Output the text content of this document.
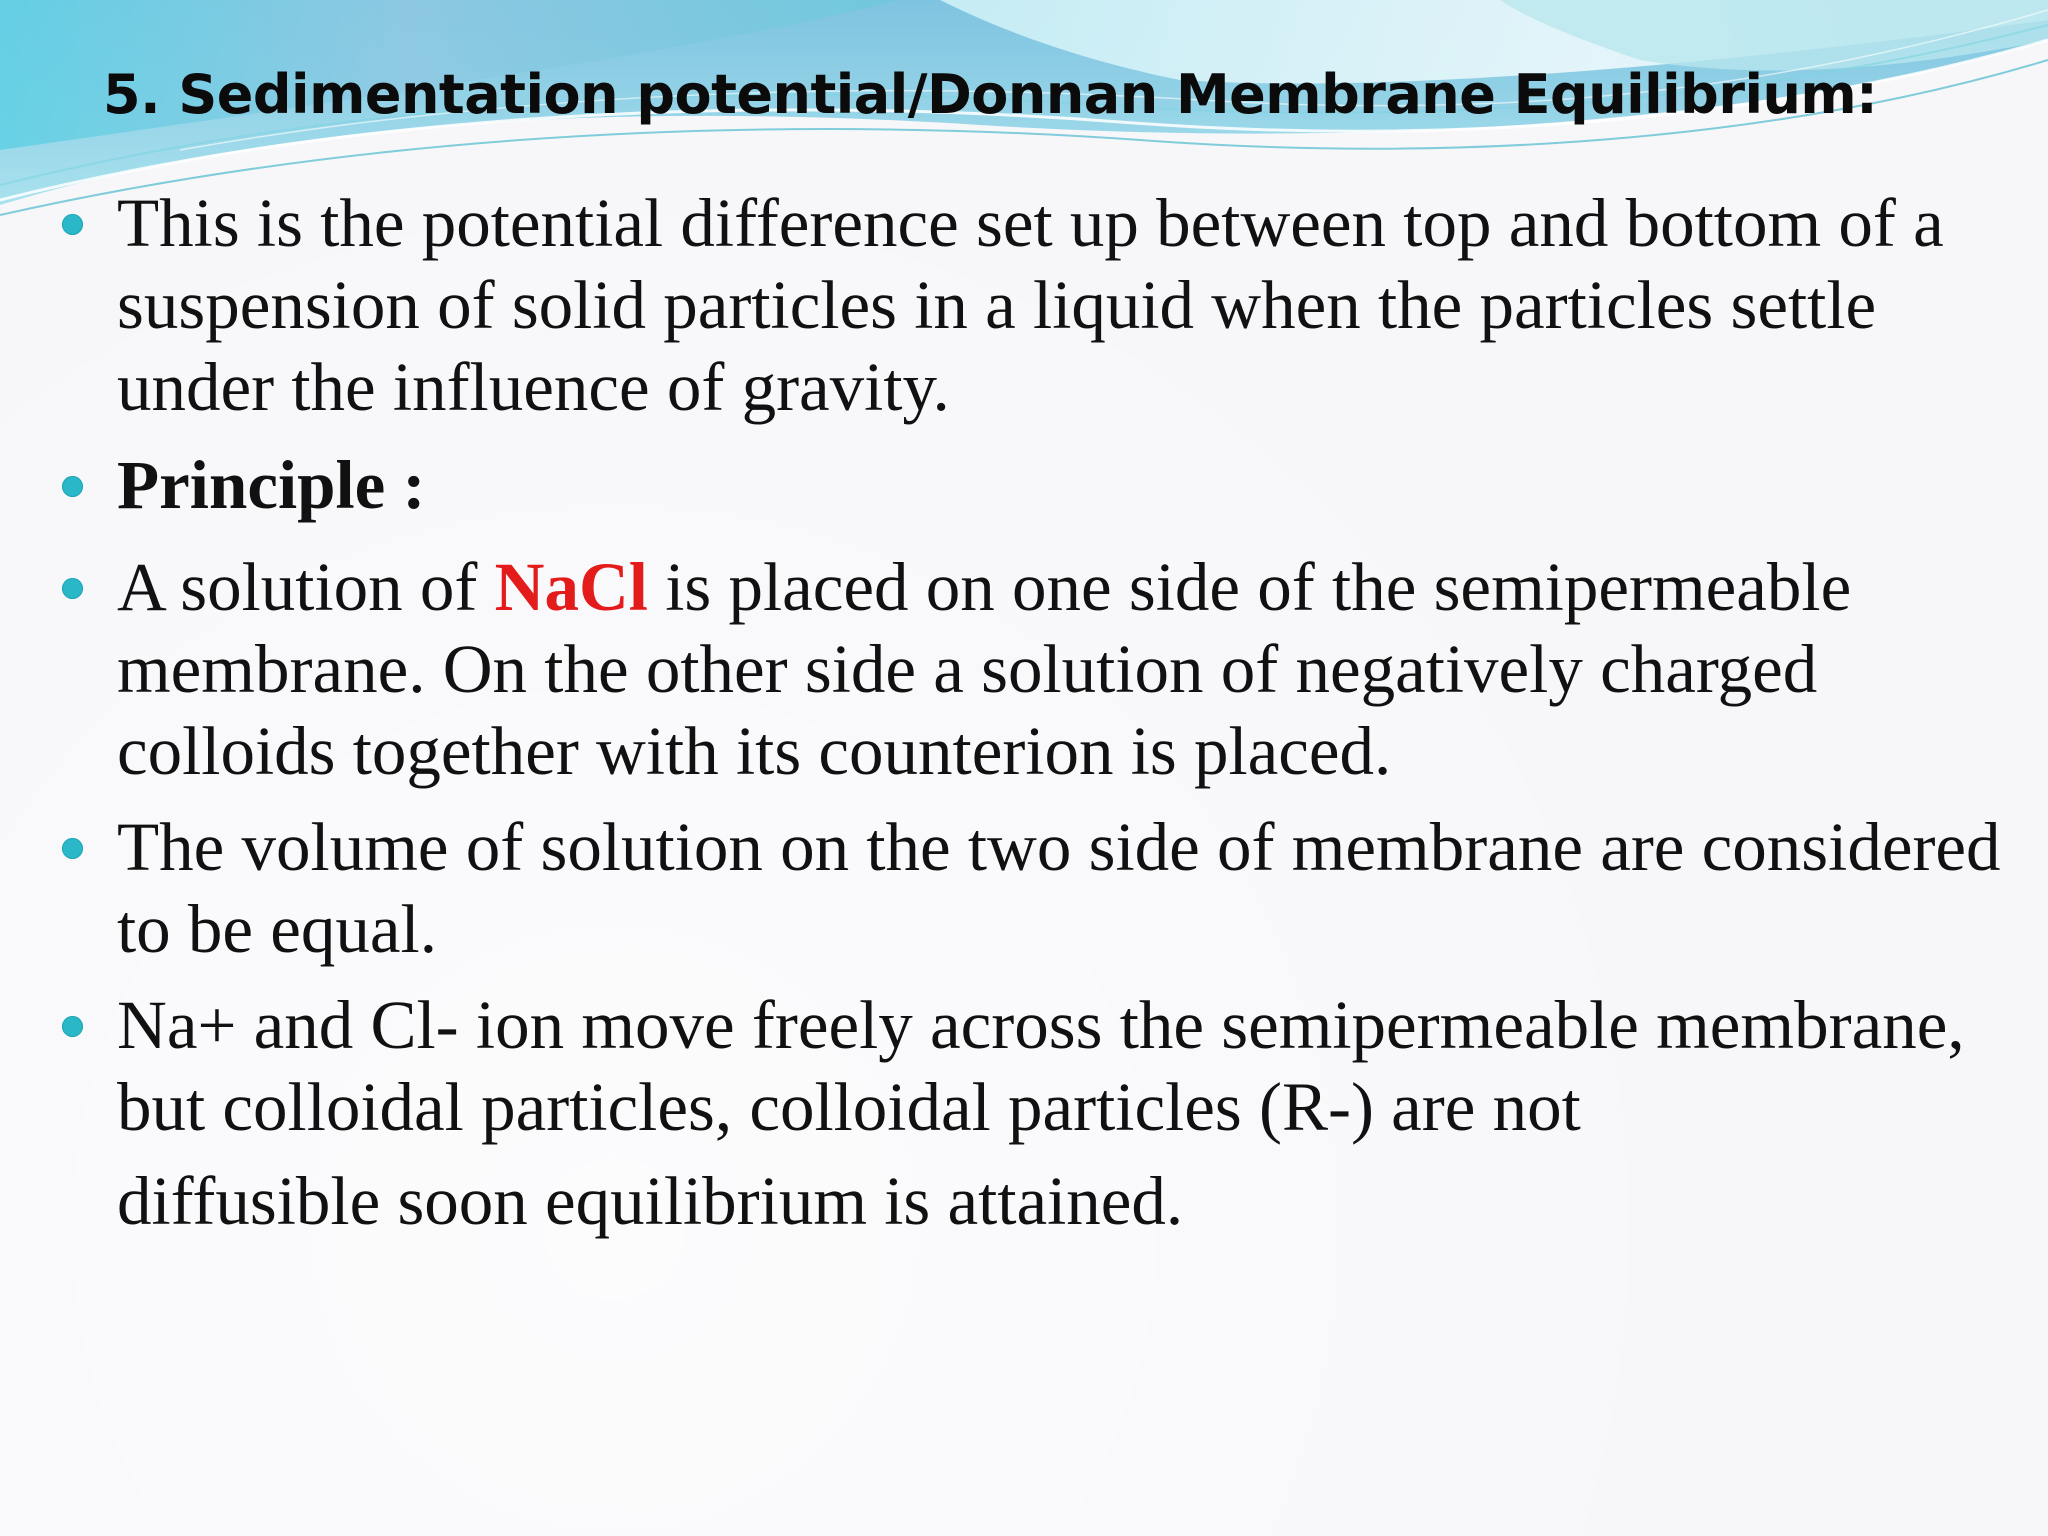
5. Sedimentation potential/Donnan Membrane Equilibrium:
This is the potential difference set up between top and bottom of a suspension of solid particles in a liquid when the particles settle under the influence of gravity.
Principle :
A solution of NaCl is placed on one side of the semipermeable membrane. On the other side a solution of negatively charged colloids together with its counterion is placed.
The volume of solution on the two side of membrane are considered to be equal.
Na+ and Cl- ion move freely across the semipermeable membrane, but colloidal particles, colloidal particles (R-) are not diffusible soon equilibrium is attained.
